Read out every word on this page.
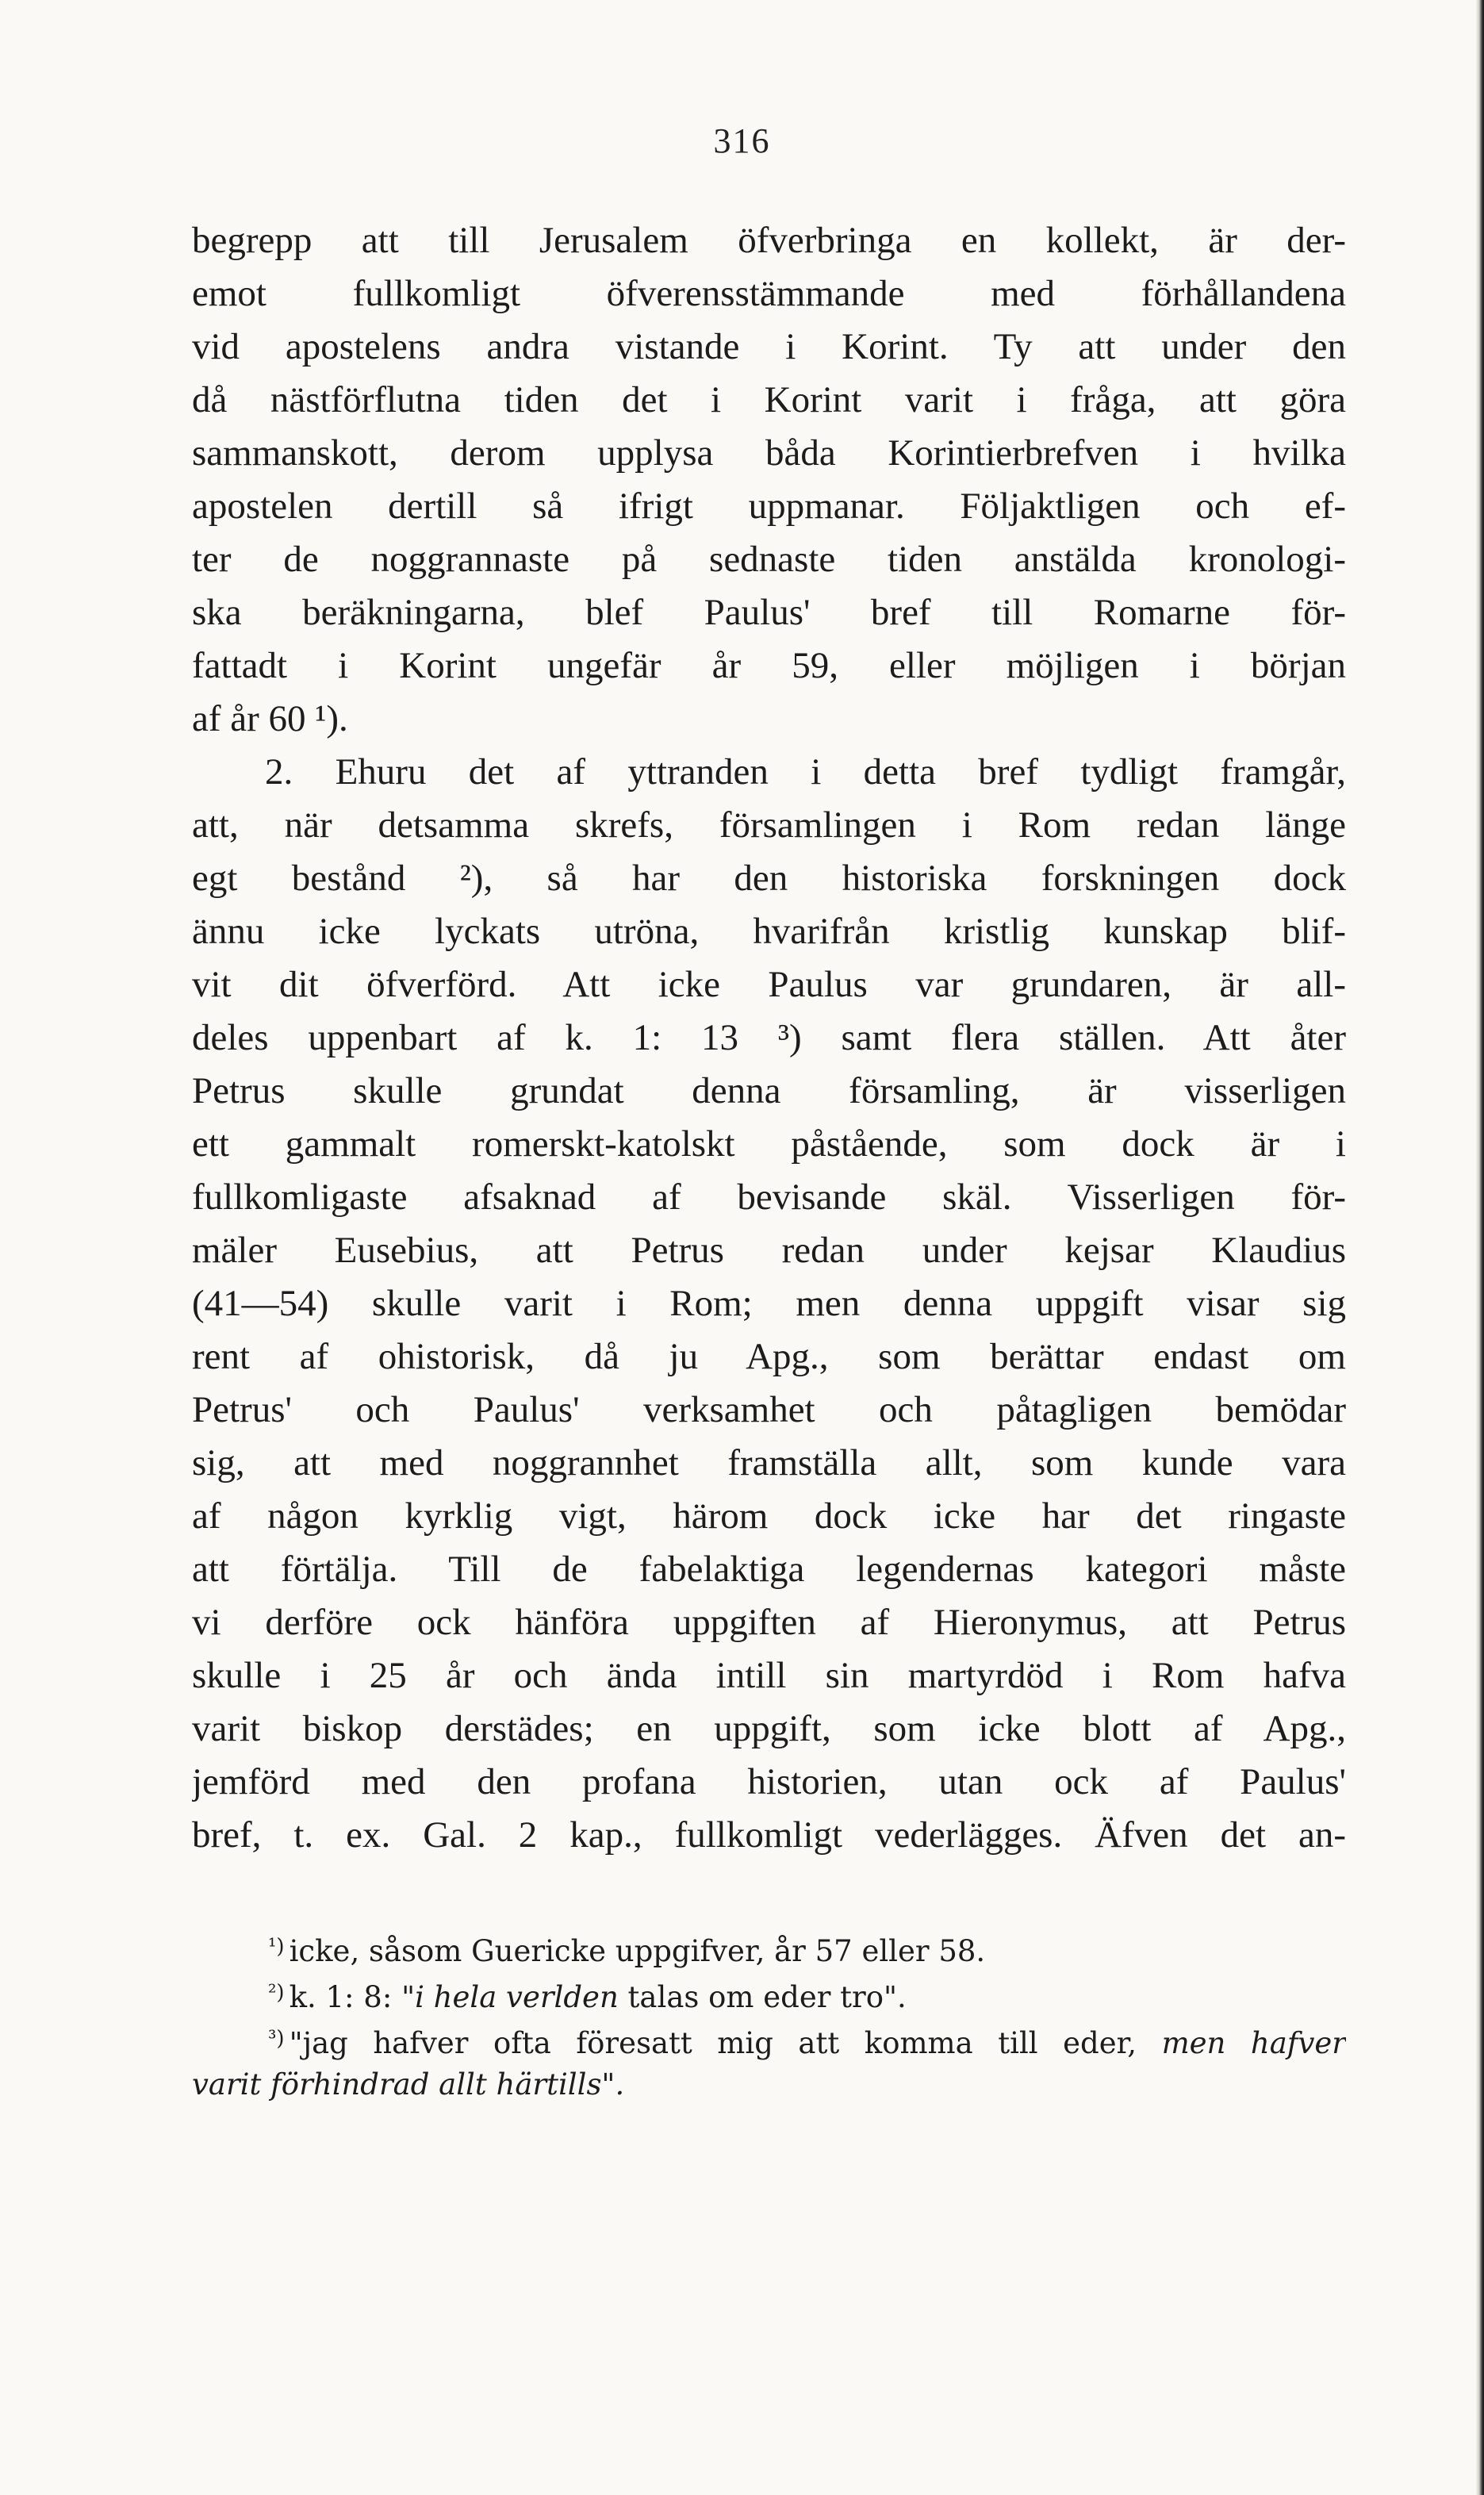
316
begrepp att till Jerusalem öfverbringa en kollekt, är der-
emot fullkomligt öfverensstämmande med förhållandena
vid apostelens andra vistande i Korint. Ty att under den
då nästförflutna tiden det i Korint varit i fråga, att göra
sammanskott, derom upplysa båda Korintierbrefven i hvilka
apostelen dertill så ifrigt uppmanar. Följaktligen och ef-
ter de noggrannaste på sednaste tiden anstälda kronologi-
ska beräkningarna, blef Paulus' bref till Romarne för-
fattadt i Korint ungefär år 59, eller möjligen i början
af år 60 ¹).
2. Ehuru det af yttranden i detta bref tydligt framgår,
att, när detsamma skrefs, församlingen i Rom redan länge
egt bestånd ²), så har den historiska forskningen dock
ännu icke lyckats utröna, hvarifrån kristlig kunskap blif-
vit dit öfverförd. Att icke Paulus var grundaren, är all-
deles uppenbart af k. 1: 13 ³) samt flera ställen. Att åter
Petrus skulle grundat denna församling, är visserligen
ett gammalt romerskt-katolskt påstående, som dock är i
fullkomligaste afsaknad af bevisande skäl. Visserligen för-
mäler Eusebius, att Petrus redan under kejsar Klaudius
(41—54) skulle varit i Rom; men denna uppgift visar sig
rent af ohistorisk, då ju Apg., som berättar endast om
Petrus' och Paulus' verksamhet och påtagligen bemödar
sig, att med noggrannhet framställa allt, som kunde vara
af någon kyrklig vigt, härom dock icke har det ringaste
att förtälja. Till de fabelaktiga legendernas kategori måste
vi derföre ock hänföra uppgiften af Hieronymus, att Petrus
skulle i 25 år och ända intill sin martyrdöd i Rom hafva
varit biskop derstädes; en uppgift, som icke blott af Apg.,
jemförd med den profana historien, utan ock af Paulus'
bref, t. ex. Gal. 2 kap., fullkomligt vederlägges. Äfven det an-
$^{^1)}$ icke, såsom Guericke uppgifver, år 57 eller 58.
$^{^2)}$ k. 1: 8: "i hela verlden talas om eder tro".
$^{^3)}$ "jag hafver ofta föresatt mig att komma till eder, men hafver
varit förhindrad allt härtills".
